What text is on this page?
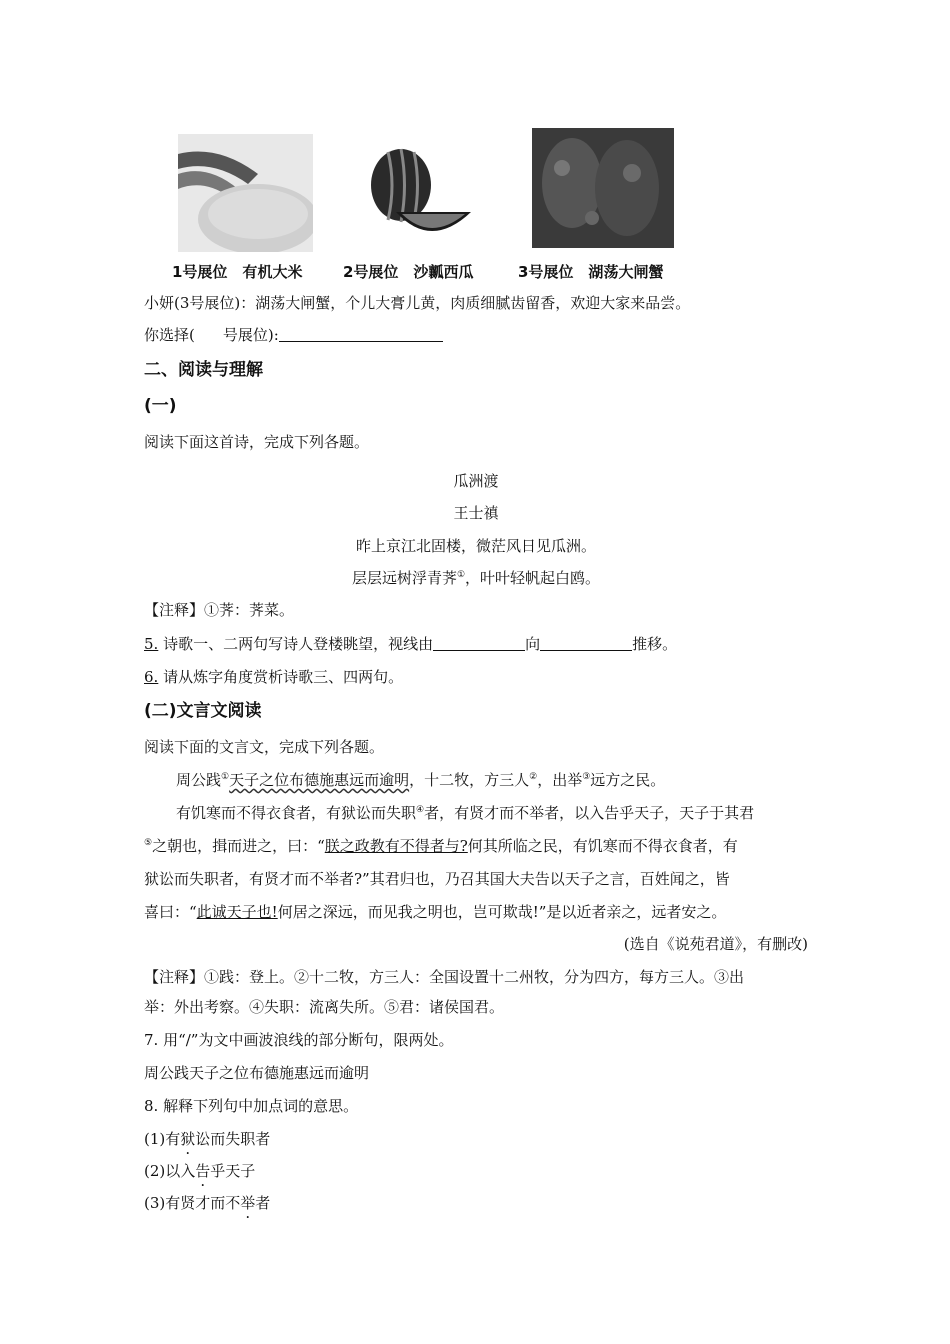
1号展位　有机大米	2号展位　沙瓤西瓜	3号展位　湖荡大闸蟹
小妍(3号展位)：湖荡大闸蟹，个儿大膏儿黄，肉质细腻齿留香，欢迎大家来品尝。
你选择( 号展位):
二、阅读与理解
(一)
阅读下面这首诗，完成下列各题。
瓜洲渡
王士禛
昨上京江北固楼，微茫风日见瓜洲。
层层远树浮青荠①，叶叶轻帆起白鸥。
【注释】①荠：荠菜。
5. 诗歌一、二两句写诗人登楼眺望，视线由	向	推移。
6. 请从炼字角度赏析诗歌三、四两句。
(二)文言文阅读
阅读下面的文言文，完成下列各题。
周公践①天子之位布德施惠远而逾明，十二牧，方三人②，出举③远方之民。
有饥寒而不得衣食者，有狱讼而失职④者，有贤才而不举者，以入告乎天子，天子于其君
⑤之朝也，揖而进之，曰：“朕之政教有不得者与?何其所临之民，有饥寒而不得衣食者，有
狱讼而失职者，有贤才而不举者?”其君归也，乃召其国大夫告以天子之言，百姓闻之，皆
喜曰：“此诚天子也!何居之深远，而见我之明也，岂可欺哉!”是以近者亲之，远者安之。
(选自《说苑君道》，有删改)
【注释】①践：登上。②十二牧，方三人：全国设置十二州牧，分为四方，每方三人。③出
举：外出考察。④失职：流离失所。⑤君：诸侯国君。
7. 用“/”为文中画波浪线的部分断句，限两处。
周公践天子之位布德施惠远而逾明
8. 解释下列句中加点词的意思。
(1)有狱讼而失职者
(2)以入告乎天子
(3)有贤才而不举者
